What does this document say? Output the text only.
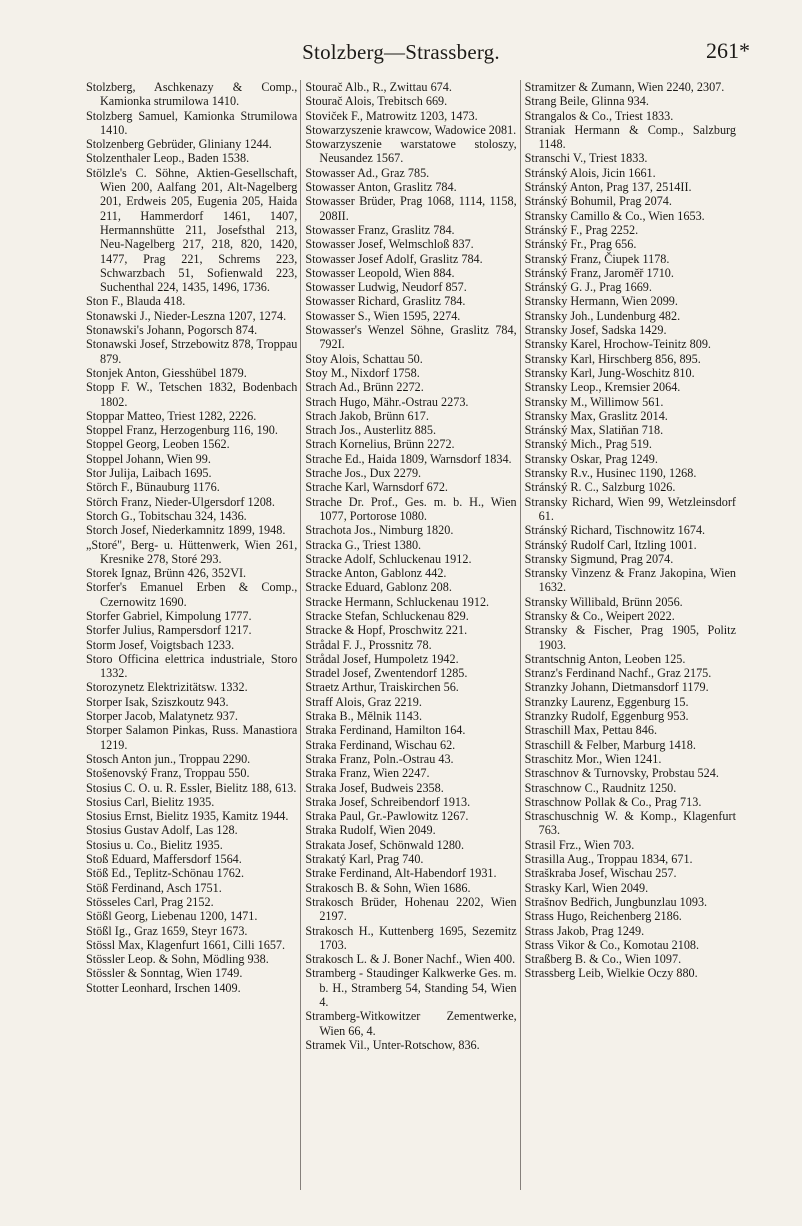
Stolzberg—Strassberg.	261*
Stolzberg, Aschkenazy & Comp., Kamionka strumilowa 1410.
Stolzberg Samuel, Kamionka Strumilowa 1410.
Stolzenberg Gebrüder, Gliniany 1244.
Stolzenthaler Leop., Baden 1538.
Stölzle's C. Söhne, Aktien-Gesellschaft, Wien 200, Aalfang 201, Alt-Nagelberg 201, Erdweis 205, Eugenia 205, Haida 211, Hammerdorf 1461, 1407, Hermannshütte 211, Josefsthal 213, Neu-Nagelberg 217, 218, 820, 1420, 1477, Prag 221, Schrems 223, Schwarzbach 51, Sofienwald 223, Suchenthal 224, 1435, 1496, 1736.
Ston F., Blauda 418.
Stonawski J., Nieder-Leszna 1207, 1274.
Stonawski's Johann, Pogorsch 874.
Stonawski Josef, Strzebowitz 878, Troppau 879.
Stonjek Anton, Giesshübel 1879.
Stopp F. W., Tetschen 1832, Bodenbach 1802.
Stoppar Matteo, Triest 1282, 2226.
Stoppel Franz, Herzogenburg 116, 190.
Stoppel Georg, Leoben 1562.
Stoppel Johann, Wien 99.
Stor Julija, Laibach 1695.
Störch F., Bünauburg 1176.
Störch Franz, Nieder-Ulgersdorf 1208.
Storch G., Tobitschau 324, 1436.
Storch Josef, Niederkamnitz 1899, 1948.
„Storé", Berg- u. Hüttenwerk, Wien 261, Kresnike 278, Storé 293.
Storek Ignaz, Brünn 426, 352VI.
Storfer's Emanuel Erben & Comp., Czernowitz 1690.
Storfer Gabriel, Kimpolung 1777.
Storfer Julius, Rampersdorf 1217.
Storm Josef, Voigtsbach 1233.
Storo Officina elettrica industriale, Storo 1332.
Storozynetz Elektrizitätsw. 1332.
Storper Isak, Sziszkoutz 943.
Storper Jacob, Malatynetz 937.
Storper Salamon Pinkas, Russ. Manastiora 1219.
Stosch Anton jun., Troppau 2290.
Stošenovský Franz, Troppau 550.
Stosius C. O. u. R. Essler, Bielitz 188, 613.
Stosius Carl, Bielitz 1935.
Stosius Ernst, Bielitz 1935, Kamitz 1944.
Stosius Gustav Adolf, Las 128.
Stosius u. Co., Bielitz 1935.
Stoß Eduard, Maffersdorf 1564.
Stöß Ed., Teplitz-Schönau 1762.
Stöß Ferdinand, Asch 1751.
Stösseles Carl, Prag 2152.
Stößl Georg, Liebenau 1200, 1471.
Stößl Ig., Graz 1659, Steyr 1673.
Stössl Max, Klagenfurt 1661, Cilli 1657.
Stössler Leop. & Sohn, Mödling 938.
Stössler & Sonntag, Wien 1749.
Stotter Leonhard, Irschen 1409.
Stourač Alb., R., Zwittau 674.
Stourač Alois, Trebitsch 669.
Stoviček F., Matrowitz 1203, 1473.
Stowarzyszenie krawcow, Wadowice 2081.
Stowarzyszenie warstatowe stoloszy, Neusandez 1567.
Stowasser Ad., Graz 785.
Stowasser Anton, Graslitz 784.
Stowasser Brüder, Prag 1068, 1114, 1158, 208II.
Stowasser Franz, Graslitz 784.
Stowasser Josef, Welmschloß 837.
Stowasser Josef Adolf, Graslitz 784.
Stowasser Leopold, Wien 884.
Stowasser Ludwig, Neudorf 857.
Stowasser Richard, Graslitz 784.
Stowasser S., Wien 1595, 2274.
Stowasser's Wenzel Söhne, Graslitz 784, 792I.
Stoy Alois, Schattau 50.
Stoy M., Nixdorf 1758.
Strach Ad., Brünn 2272.
Strach Hugo, Mähr.-Ostrau 2273.
Strach Jakob, Brünn 617.
Strach Jos., Austerlitz 885.
Strach Kornelius, Brünn 2272.
Strache Ed., Haida 1809, Warnsdorf 1834.
Strache Jos., Dux 2279.
Strache Karl, Warnsdorf 672.
Strache Dr. Prof., Ges. m. b. H., Wien 1077, Portorose 1080.
Strachota Jos., Nimburg 1820.
Stracka G., Triest 1380.
Stracke Adolf, Schluckenau 1912.
Stracke Anton, Gablonz 442.
Stracke Eduard, Gablonz 208.
Stracke Hermann, Schluckenau 1912.
Stracke Stefan, Schluckenau 829.
Stracke & Hopf, Proschwitz 221.
Strådal F. J., Prossnitz 78.
Strådal Josef, Humpoletz 1942.
Stradel Josef, Zwentendorf 1285.
Straetz Arthur, Traiskirchen 56.
Straff Alois, Graz 2219.
Straka B., Mělnik 1143.
Straka Ferdinand, Hamilton 164.
Straka Ferdinand, Wischau 62.
Straka Franz, Poln.-Ostrau 43.
Straka Franz, Wien 2247.
Straka Josef, Budweis 2358.
Straka Josef, Schreibendorf 1913.
Straka Paul, Gr.-Pawlowitz 1267.
Straka Rudolf, Wien 2049.
Strakata Josef, Schönwald 1280.
Strakatý Karl, Prag 740.
Strake Ferdinand, Alt-Habendorf 1931.
Strakosch B. & Sohn, Wien 1686.
Strakosch Brüder, Hohenau 2202, Wien 2197.
Strakosch H., Kuttenberg 1695, Sezemitz 1703.
Strakosch L. & J. Boner Nachf., Wien 400.
Stramberg - Staudinger Kalkwerke Ges. m. b. H., Stramberg 54, Standing 54, Wien 4.
Stramberg-Witkowitzer Zementwerke, Wien 66, 4.
Stramek Vil., Unter-Rotschow, 836.
Stramitzer & Zumann, Wien 2240, 2307.
Strang Beile, Glinna 934.
Strangalos & Co., Triest 1833.
Straniak Hermann & Comp., Salzburg 1148.
Stranschi V., Triest 1833.
Stránský Alois, Jicin 1661.
Stránský Anton, Prag 137, 2514II.
Stránský Bohumil, Prag 2074.
Stransky Camillo & Co., Wien 1653.
Stránský F., Prag 2252.
Stránský Fr., Prag 656.
Stranský Franz, Čiupek 1178.
Stránský Franz, Jaroměř 1710.
Stránský G. J., Prag 1669.
Stransky Hermann, Wien 2099.
Stransky Joh., Lundenburg 482.
Stransky Josef, Sadska 1429.
Stransky Karel, Hrochow-Teinitz 809.
Stransky Karl, Hirschberg 856, 895.
Stransky Karl, Jung-Woschitz 810.
Stransky Leop., Kremsier 2064.
Stransky M., Willimow 561.
Stransky Max, Graslitz 2014.
Stránský Max, Slatiňan 718.
Stranský Mich., Prag 519.
Stransky Oskar, Prag 1249.
Stransky R.v., Husinec 1190, 1268.
Stránský R. C., Salzburg 1026.
Stransky Richard, Wien 99, Wetzleinsdorf 61.
Stránský Richard, Tischnowitz 1674.
Stránský Rudolf Carl, Itzling 1001.
Stransky Sigmund, Prag 2074.
Stransky Vinzenz & Franz Jakopina, Wien 1632.
Stransky Willibald, Brünn 2056.
Stransky & Co., Weipert 2022.
Stransky & Fischer, Prag 1905, Politz 1903.
Strantschnig Anton, Leoben 125.
Stranz's Ferdinand Nachf., Graz 2175.
Stranzky Johann, Dietmansdorf 1179.
Stranzky Laurenz, Eggenburg 15.
Stranzky Rudolf, Eggenburg 953.
Straschill Max, Pettau 846.
Straschill & Felber, Marburg 1418.
Straschitz Mor., Wien 1241.
Straschnov & Turnovsky, Probstau 524.
Straschnow C., Raudnitz 1250.
Straschnow Pollak & Co., Prag 713.
Straschuschnig W. & Komp., Klagenfurt 763.
Strasil Frz., Wien 703.
Strasilla Aug., Troppau 1834, 671.
Straškraba Josef, Wischau 257.
Strasky Karl, Wien 2049.
Strašnov Bedřich, Jungbunzlau 1093.
Strass Hugo, Reichenberg 2186.
Strass Jakob, Prag 1249.
Strass Vikor & Co., Komotau 2108.
Straßberg B. & Co., Wien 1097.
Strassberg Leib, Wielkie Oczy 880.
